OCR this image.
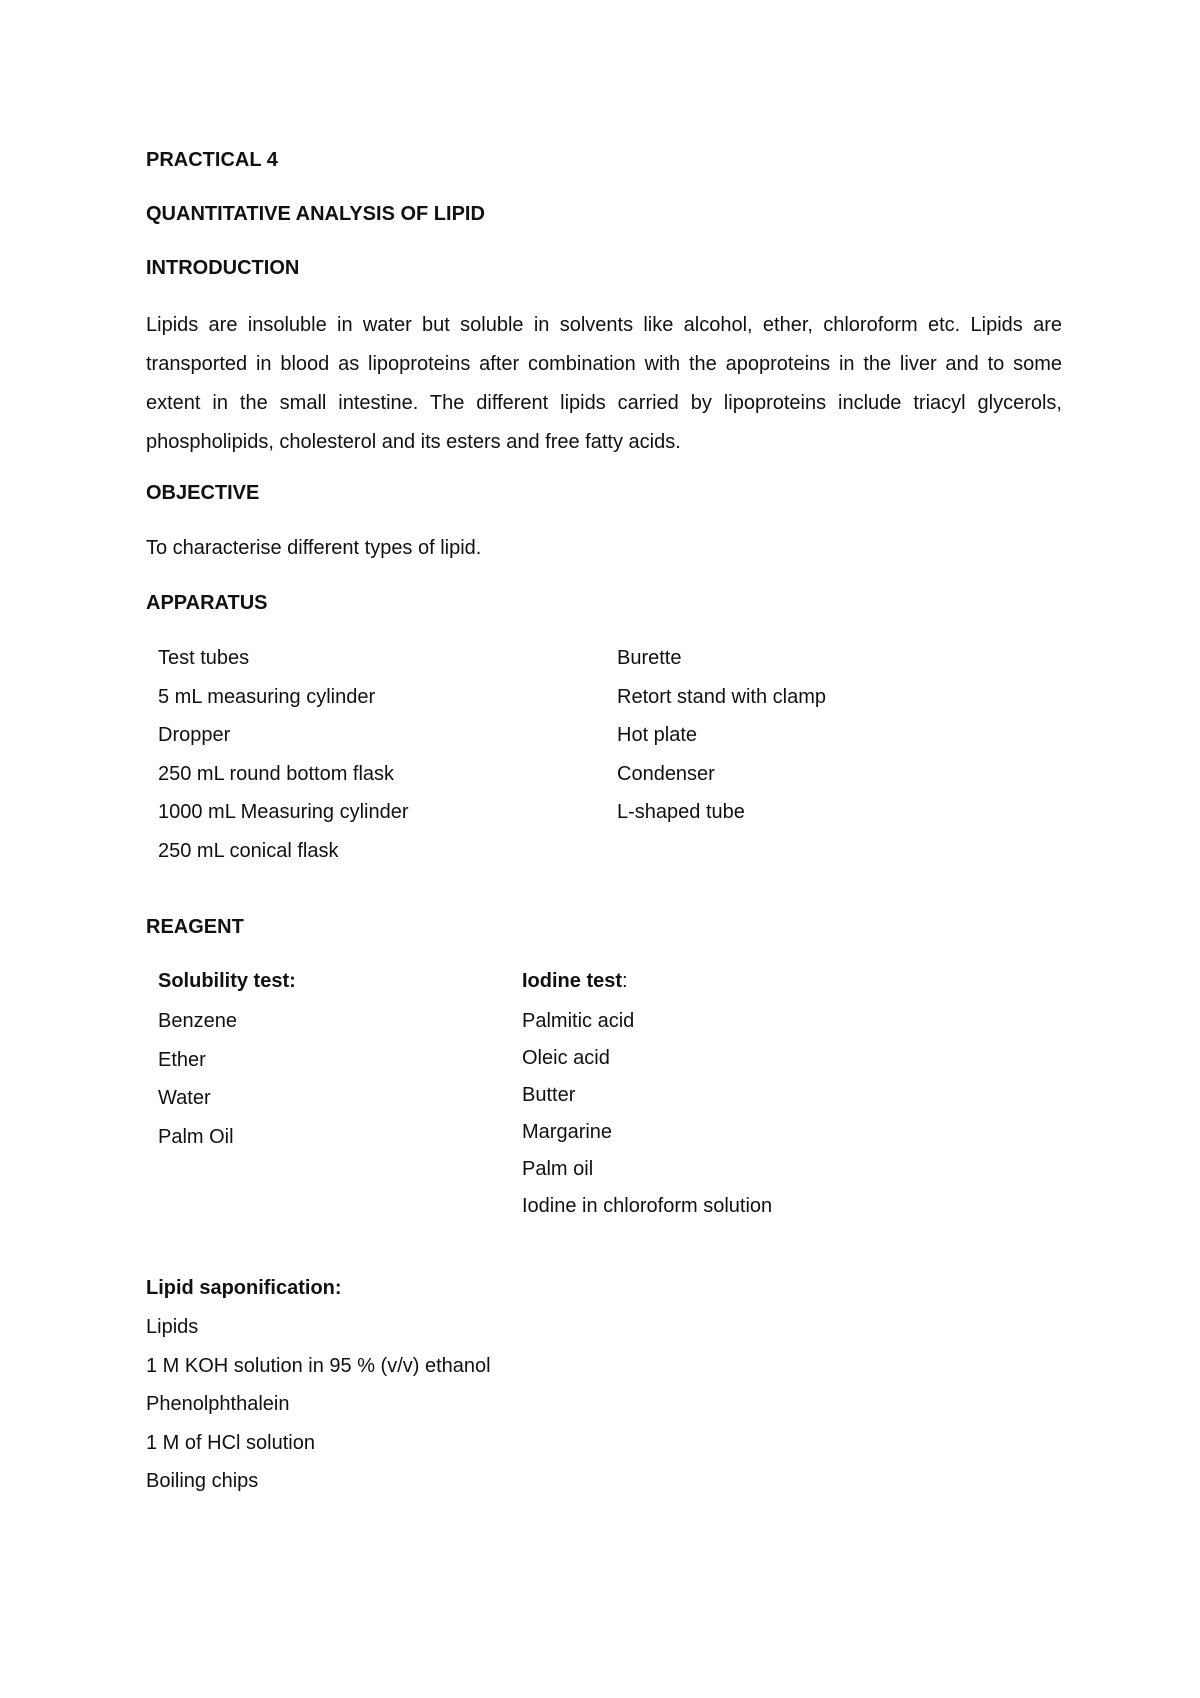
PRACTICAL 4
QUANTITATIVE ANALYSIS OF LIPID
INTRODUCTION
Lipids are insoluble in water but soluble in solvents like alcohol, ether, chloroform etc. Lipids are transported in blood as lipoproteins after combination with the apoproteins in the liver and to some extent in the small intestine. The different lipids carried by lipoproteins include triacyl glycerols, phospholipids, cholesterol and its esters and free fatty acids.
OBJECTIVE
To characterise different types of lipid.
APPARATUS
Test tubes
5 mL measuring cylinder
Dropper
250 mL round bottom flask
1000 mL Measuring cylinder
250 mL conical flask
Burette
Retort stand with clamp
Hot plate
Condenser
L-shaped tube
REAGENT
Solubility test:
Benzene
Ether
Water
Palm Oil
Iodine test:
Palmitic acid
Oleic acid
Butter
Margarine
Palm oil
Iodine in chloroform solution
Lipid saponification:
Lipids
1 M KOH solution in 95 % (v/v) ethanol
Phenolphthalein
1 M of HCl solution
Boiling chips
